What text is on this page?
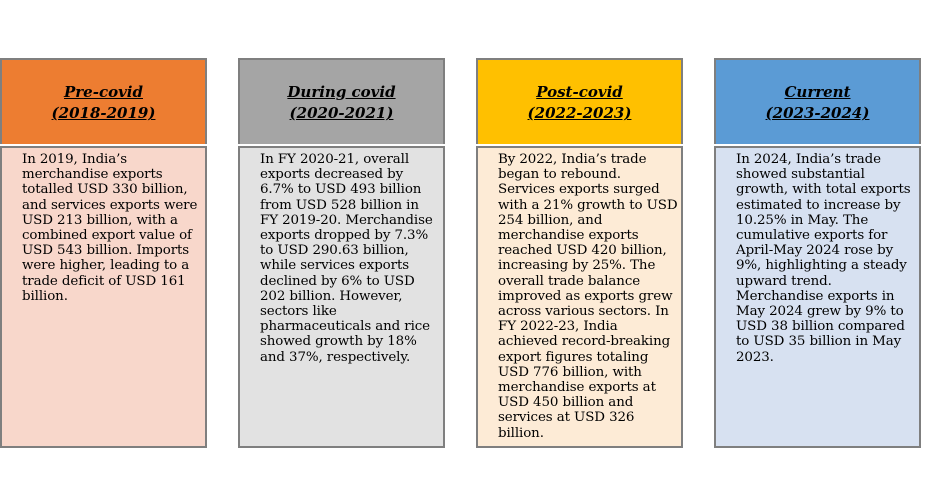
Pre-covid
(2018-2019)
In 2019, India’s merchandise exports totalled USD 330 billion, and services exports were USD 213 billion, with a combined export value of USD 543 billion. Imports were higher, leading to a trade deficit of USD 161 billion.
During covid
(2020-2021)
In FY 2020-21, overall exports decreased by 6.7% to USD 493 billion from USD 528 billion in FY 2019-20. Merchandise exports dropped by 7.3% to USD 290.63 billion, while services exports declined by 6% to USD 202 billion. However, sectors like pharmaceuticals and rice showed growth by 18% and 37%, respectively.
Post-covid
(2022-2023)
By 2022, India’s trade began to rebound. Services exports surged with a 21% growth to USD 254 billion, and merchandise exports reached USD 420 billion, increasing by 25%. The overall trade balance improved as exports grew across various sectors. In FY 2022-23, India achieved record-breaking export figures totaling USD 776 billion, with merchandise exports at USD 450 billion and services at USD 326 billion.
Current
(2023-2024)
In 2024, India’s trade showed substantial growth, with total exports estimated to increase by 10.25% in May. The cumulative exports for April-May 2024 rose by 9%, highlighting a steady upward trend. Merchandise exports in May 2024 grew by 9% to USD 38 billion compared to USD 35 billion in May 2023.
